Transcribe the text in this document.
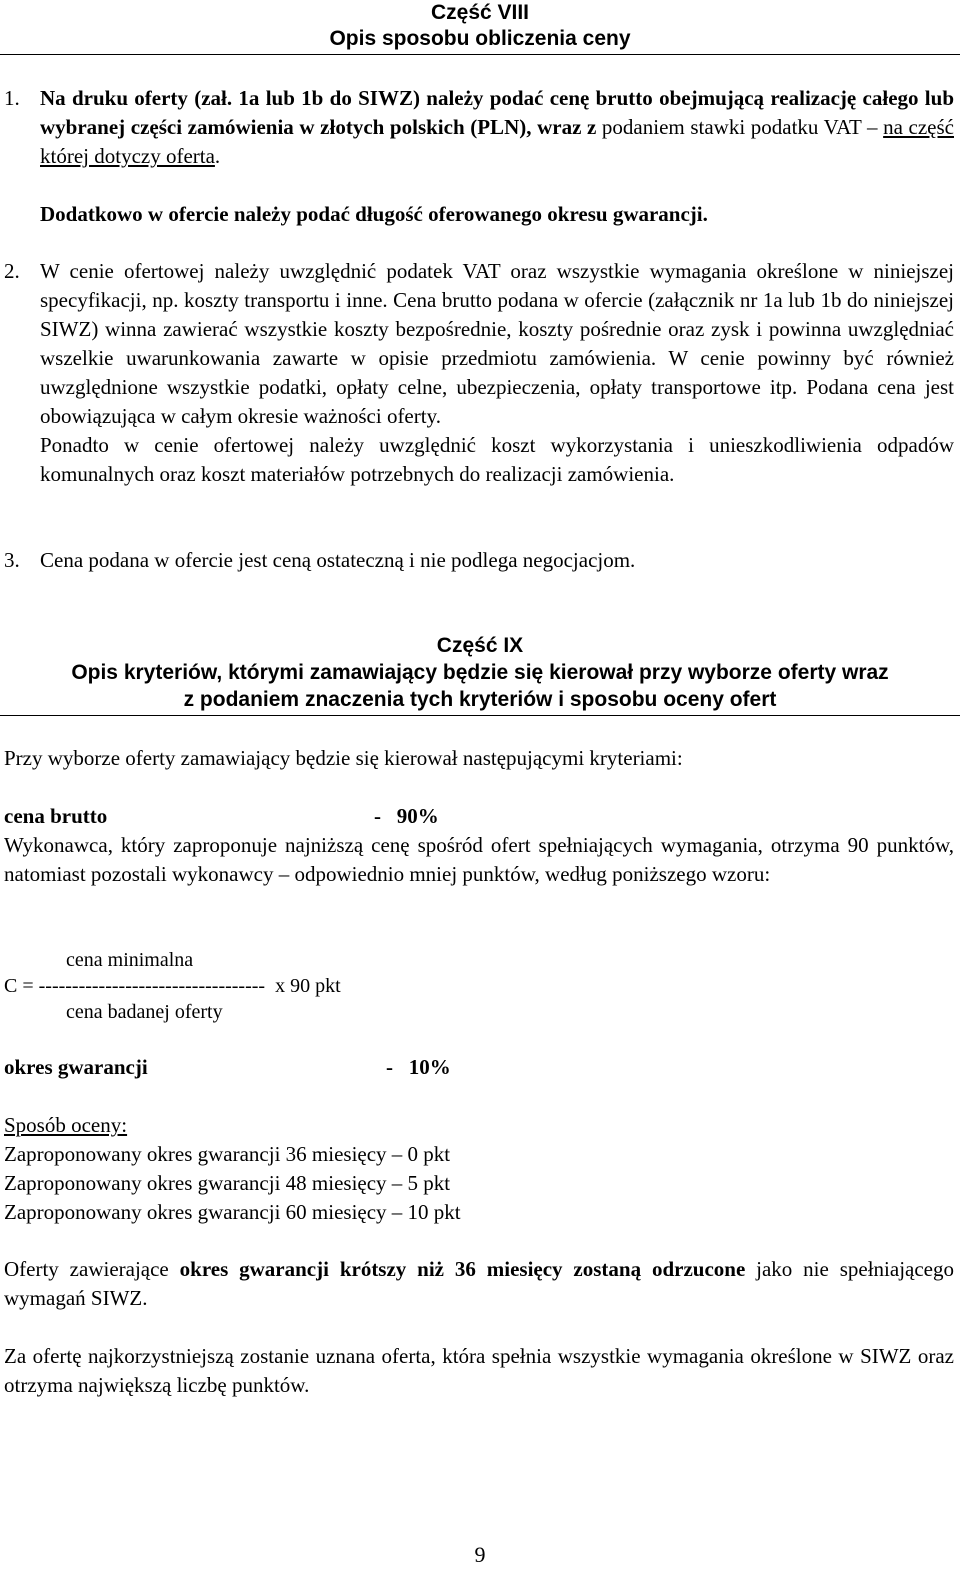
Część VIII

Opis sposobu obliczenia ceny

1. Na druku oferty (zał. 1a lub 1b do SIWZ) należy podać cenę brutto obejmującą realizację całego lub wybranej części zamówienia w złotych polskich (PLN), wraz z podaniem stawki podatku VAT – na część której dotyczy oferta.
Dodatkowo w ofercie należy podać długość oferowanego okresu gwarancji.
2. W cenie ofertowej należy uwzględnić podatek VAT oraz wszystkie wymagania określone w niniejszej specyfikacji, np. koszty transportu i inne. Cena brutto podana w ofercie (załącznik nr 1a lub 1b do niniejszej SIWZ) winna zawierać wszystkie koszty bezpośrednie, koszty pośrednie oraz zysk i powinna uwzględniać wszelkie uwarunkowania zawarte w opisie przedmiotu zamówienia. W cenie powinny być również uwzględnione wszystkie podatki, opłaty celne, ubezpieczenia, opłaty transportowe itp. Podana cena jest obowiązująca w całym okresie ważności oferty.
Ponadto w cenie ofertowej należy uwzględnić koszt wykorzystania i unieszkodliwienia odpadów komunalnych oraz koszt materiałów potrzebnych do realizacji zamówienia.
3. Cena podana w ofercie jest ceną ostateczną i nie podlega negocjacjom.

Część IX

Opis kryteriów, którymi zamawiający będzie się kierował przy wyborze oferty wraz

z podaniem znaczenia tych kryteriów i sposobu oceny ofert

Przy wyborze oferty zamawiający będzie się kierował następującymi kryteriami:

cena brutto	-   90%

Wykonawca, który zaproponuje najniższą cenę spośród ofert spełniających wymagania, otrzyma 90 punktów, natomiast pozostali wykonawcy – odpowiednio mniej punktów, według poniższego wzoru:

cena minimalna
C = ----------------------------------  x 90 pkt
cena badanej oferty
okres gwarancji	-   10%
Sposób oceny:
Zaproponowany okres gwarancji 36 miesięcy – 0 pkt
Zaproponowany okres gwarancji 48 miesięcy – 5 pkt
Zaproponowany okres gwarancji 60 miesięcy – 10 pkt

Oferty zawierające okres gwarancji krótszy niż 36 miesięcy zostaną odrzucone jako nie spełniającego wymagań SIWZ.

Za ofertę najkorzystniejszą zostanie uznana oferta, która spełnia wszystkie wymagania określone w SIWZ oraz otrzyma największą liczbę punktów.

9
